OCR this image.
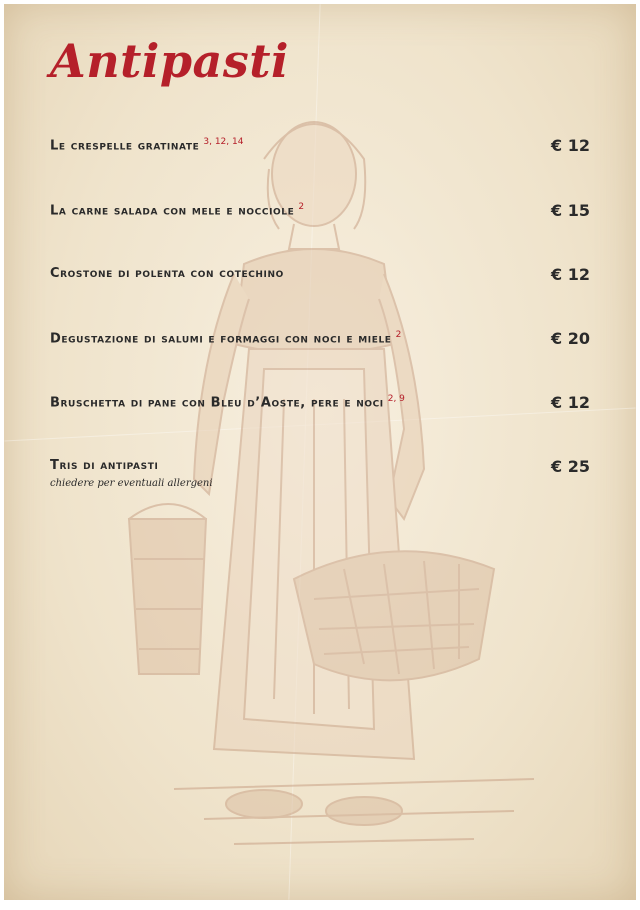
Antipasti
Le crespelle gratinate $^{3, 12, 14}$	€ 12
La carne salada con mele e nocciole $^2$	€ 15
Crostone di polenta con cotechino	€ 12
Degustazione di salumi e formaggi con noci e miele $^2$	€ 20
Bruschetta di pane con Bleu d’Aoste, pere e noci $^{2, 9}$	€ 12
Tris di antipasti	€ 25
chiedere per eventuali allergeni
